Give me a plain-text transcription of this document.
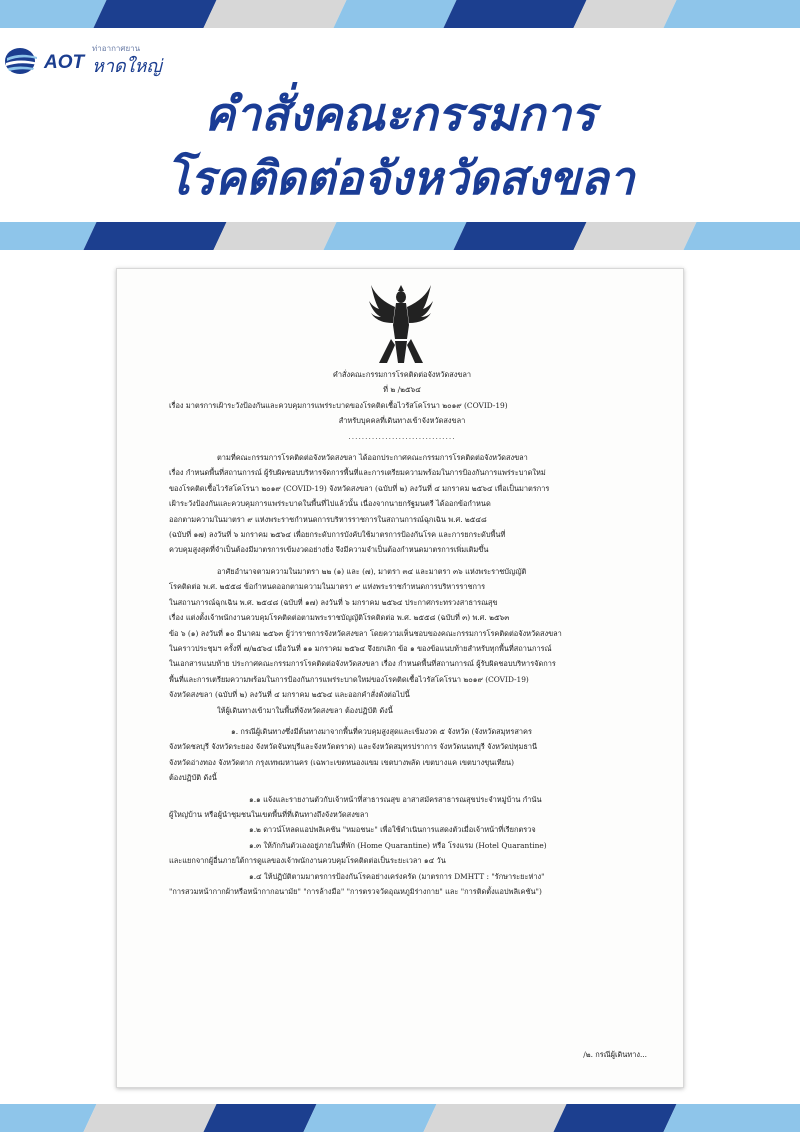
AOT
ท่าอากาศยาน
หาดใหญ่
คำสั่งคณะกรรมการ
โรคติดต่อจังหวัดสงขลา

คำสั่งคณะกรรมการโรคติดต่อจังหวัดสงขลา

ที่ ๒ /๒๕๖๔

เรื่อง มาตรการเฝ้าระวังป้องกันและควบคุมการแพร่ระบาดของโรคติดเชื้อไวรัสโคโรนา ๒๐๑๙ (COVID-19)

สำหรับบุคคลที่เดินทางเข้าจังหวัดสงขลา

................................

ตามที่คณะกรรมการโรคติดต่อจังหวัดสงขลา ได้ออกประกาศคณะกรรมการโรคติดต่อจังหวัดสงขลา

เรื่อง กำหนดพื้นที่สถานการณ์ ผู้รับผิดชอบบริหารจัดการพื้นที่และการเตรียมความพร้อมในการป้องกันการแพร่ระบาดใหม่

ของโรคติดเชื้อไวรัสโคโรนา ๒๐๑๙ (COVID-19) จังหวัดสงขลา (ฉบับที่ ๒) ลงวันที่ ๔ มกราคม ๒๕๖๔ เพื่อเป็นมาตรการ

เฝ้าระวังป้องกันและควบคุมการแพร่ระบาดในพื้นที่ไปแล้วนั้น เนื่องจากนายกรัฐมนตรี ได้ออกข้อกำหนด

ออกตามความในมาตรา ๙ แห่งพระราชกำหนดการบริหารราชการในสถานการณ์ฉุกเฉิน พ.ศ. ๒๕๔๘

(ฉบับที่ ๑๗) ลงวันที่ ๖ มกราคม ๒๕๖๔ เพื่อยกระดับการบังคับใช้มาตรการป้องกันโรค และการยกระดับพื้นที่

ควบคุมสูงสุดที่จำเป็นต้องมีมาตรการเข้มงวดอย่างยิ่ง จึงมีความจำเป็นต้องกำหนดมาตรการเพิ่มเติมขึ้น

อาศัยอำนาจตามความในมาตรา ๒๒ (๑) และ (๗), มาตรา ๓๔ และมาตรา ๓๖ แห่งพระราชบัญญัติ

โรคติดต่อ พ.ศ. ๒๕๕๘ ข้อกำหนดออกตามความในมาตรา ๙ แห่งพระราชกำหนดการบริหารราชการ

ในสถานการณ์ฉุกเฉิน พ.ศ. ๒๕๔๘ (ฉบับที่ ๑๗) ลงวันที่ ๖ มกราคม ๒๕๖๔ ประกาศกระทรวงสาธารณสุข

เรื่อง แต่งตั้งเจ้าพนักงานควบคุมโรคติดต่อตามพระราชบัญญัติโรคติดต่อ พ.ศ. ๒๕๕๘ (ฉบับที่ ๓) พ.ศ. ๒๕๖๓

ข้อ ๖ (๑) ลงวันที่ ๑๐ มีนาคม ๒๕๖๓ ผู้ว่าราชการจังหวัดสงขลา โดยความเห็นชอบของคณะกรรมการโรคติดต่อจังหวัดสงขลา

ในคราวประชุมฯ ครั้งที่ ๗/๒๕๖๔ เมื่อวันที่ ๑๑ มกราคม ๒๕๖๔ จึงยกเลิก ข้อ ๑ ของข้อแนบท้ายสำหรับทุกพื้นที่สถานการณ์

ในเอกสารแนบท้าย ประกาศคณะกรรมการโรคติดต่อจังหวัดสงขลา เรื่อง กำหนดพื้นที่สถานการณ์ ผู้รับผิดชอบบริหารจัดการ

พื้นที่และการเตรียมความพร้อมในการป้องกันการแพร่ระบาดใหม่ของโรคติดเชื้อไวรัสโคโรนา ๒๐๑๙ (COVID-19)

จังหวัดสงขลา (ฉบับที่ ๒) ลงวันที่ ๔ มกราคม ๒๕๖๔ และออกคำสั่งดังต่อไปนี้

ให้ผู้เดินทางเข้ามาในพื้นที่จังหวัดสงขลา ต้องปฏิบัติ ดังนี้

๑. กรณีผู้เดินทางซึ่งมีต้นทางมาจากพื้นที่ควบคุมสูงสุดและเข้มงวด ๕ จังหวัด (จังหวัดสมุทรสาคร

จังหวัดชลบุรี จังหวัดระยอง จังหวัดจันทบุรีและจังหวัดตราด) และจังหวัดสมุทรปราการ จังหวัดนนทบุรี จังหวัดปทุมธานี

จังหวัดอ่างทอง จังหวัดตาก กรุงเทพมหานคร (เฉพาะเขตหนองแขม เขตบางพลัด เขตบางแค เขตบางขุนเทียน)

ต้องปฏิบัติ ดังนี้

๑.๑ แจ้งและรายงานตัวกับเจ้าหน้าที่สาธารณสุข อาสาสมัครสาธารณสุขประจำหมู่บ้าน กำนัน

ผู้ใหญ่บ้าน หรือผู้นำชุมชนในเขตพื้นที่ที่เดินทางถึงจังหวัดสงขลา

๑.๒ ดาวน์โหลดแอปพลิเคชัน "หมอชนะ" เพื่อใช้ดำเนินการแสดงตัวเมื่อเจ้าหน้าที่เรียกตรวจ

๑.๓ ให้กักกันตัวเองอยู่ภายในที่พัก (Home Quarantine) หรือ โรงแรม (Hotel Quarantine)

และแยกจากผู้อื่นภายใต้การดูแลของเจ้าพนักงานควบคุมโรคติดต่อเป็นระยะเวลา ๑๔ วัน

๑.๔ ให้ปฏิบัติตามมาตรการป้องกันโรคอย่างเคร่งครัด (มาตรการ DMHTT : "รักษาระยะห่าง"

"การสวมหน้ากากผ้าหรือหน้ากากอนามัย" "การล้างมือ" "การตรวจวัดอุณหภูมิร่างกาย" และ "การติดตั้งแอปพลิเคชัน")

/๒. กรณีผู้เดินทาง...
